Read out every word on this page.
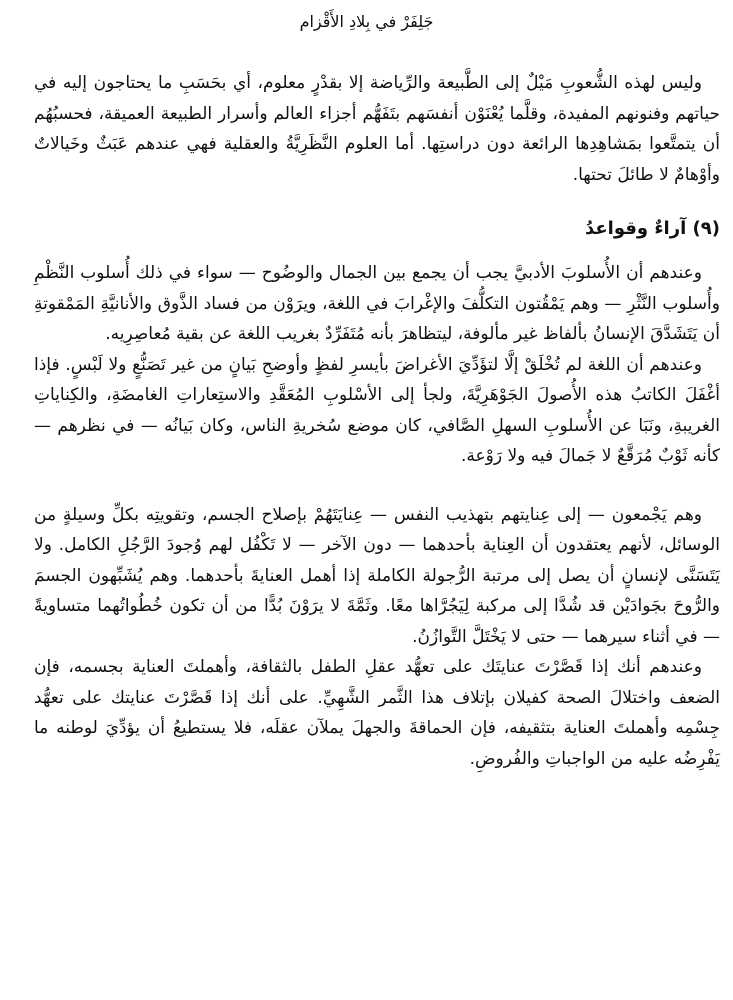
جَلِفَرْ في بِلادِ الأَقْزام

وليس لهذه الشُّعوبِ مَيْلٌ إلى الطَّبيعة والرِّياضة إلا بقدْرٍ معلوم، أي بحَسَبِ ما يحتاجون إليه في حياتهم وفنونهم المفيدة، وقلَّما يُعْنَوْن أنفسَهم بتَفَهُّم أجزاء العالم وأسرار الطبيعة العميقة، فحسبُهُم أن يتمتَّعوا بمَشاهِدِها الرائعة دون دراستِها. أما العلوم النَّظَرِيَّةُ والعقلية فهي عندهم عَبَثٌ وخَيالاتٌ وأوْهامٌ لا طائلَ تحتها.

(٩) آراءٌ وقواعدُ

وعندهم أن الأُسلوبَ الأدبيَّ يجب أن يجمع بين الجمال والوضُوح — سواء في ذلك أُسلوب النَّظْمِ وأُسلوب النَّثْرِ — وهم يَمْقُتون التكلُّفَ والإغْرابَ في اللغة، ويرَوْن من فساد الذَّوق والأنانيَّةِ المَمْقوتةِ أن يَتَشَدَّقَ الإنسانُ بألفاظ غير مألوفة، ليتظاهرَ بأنه مُتَفَرِّدٌ بغريب اللغة عن بقية مُعاصِرِيه.

وعندهم أن اللغة لم تُخْلَقْ إلَّا لتؤَدِّيَ الأغراضَ بأيسرِ لفظٍ وأوضحِ بَيانٍ من غير تَصَنُّعٍ ولا لَبْسٍ. فإذا أغْفَلَ الكاتبُ هذه الأُصولَ الجَوْهَرِيَّةَ، ولجأ إلى الأسْلوبِ المُعَقَّدِ والاستِعاراتِ الغامضَةِ، والكِناياتِ الغريبةِ، ونَبَا عن الأُسلوبِ السهلِ الصَّافي، كان موضع سُخريةِ الناس، وكان بَيانُه — في نظرهم — كأنه ثَوْبٌ مُرَقَّعٌ لا جَمالَ فيه ولا رَوْعة.

وهم يَجْمعون — إلى عِنايتهم بتهذيب النفس — عِنايَتَهُمْ بإصلاح الجسم، وتقويتِه بكلِّ وسيلةٍ من الوسائل، لأنهم يعتقدون أن العِناية بأحدهما — دون الآخر — لا تَكْفُل لهم وُجودَ الرَّجُلِ الكامل. ولا يَتَسَنَّى لإنسانٍ أن يصل إلى مرتبة الرُّجولة الكاملة إذا أهمل العنايةَ بأحدهما. وهم يُشَبِّهون الجسمَ والرُّوحَ بجَوادَيْن قد شُدَّا إلى مركبة لِيَجُرَّاها معًا. وثَمَّةَ لا يرَوْنَ بُدًّا من أن تكون خُطُواتُهما متساويةً — في أثناء سيرهما — حتى لا يَخْتَلَّ التَّوازُنُ.

وعندهم أنك إذا قَصَّرْتَ عنايتَك على تعهُّد عقلِ الطفل بالثقافة، وأهملتَ العناية بجسمه، فإن الضعف واختلالَ الصحة كفيلان بإتلاف هذا الثَّمر الشَّهِيِّ. على أنك إذا قَصَّرْتَ عنايتك على تعهُّد جِسْمِه وأهملتَ العناية بتثقيفه، فإن الحماقةَ والجهلَ يملآن عقلَه، فلا يستطيعُ أن يؤدِّيَ لوطنه ما يَفْرِضُه عليه من الواجباتِ والفُروضِ.
